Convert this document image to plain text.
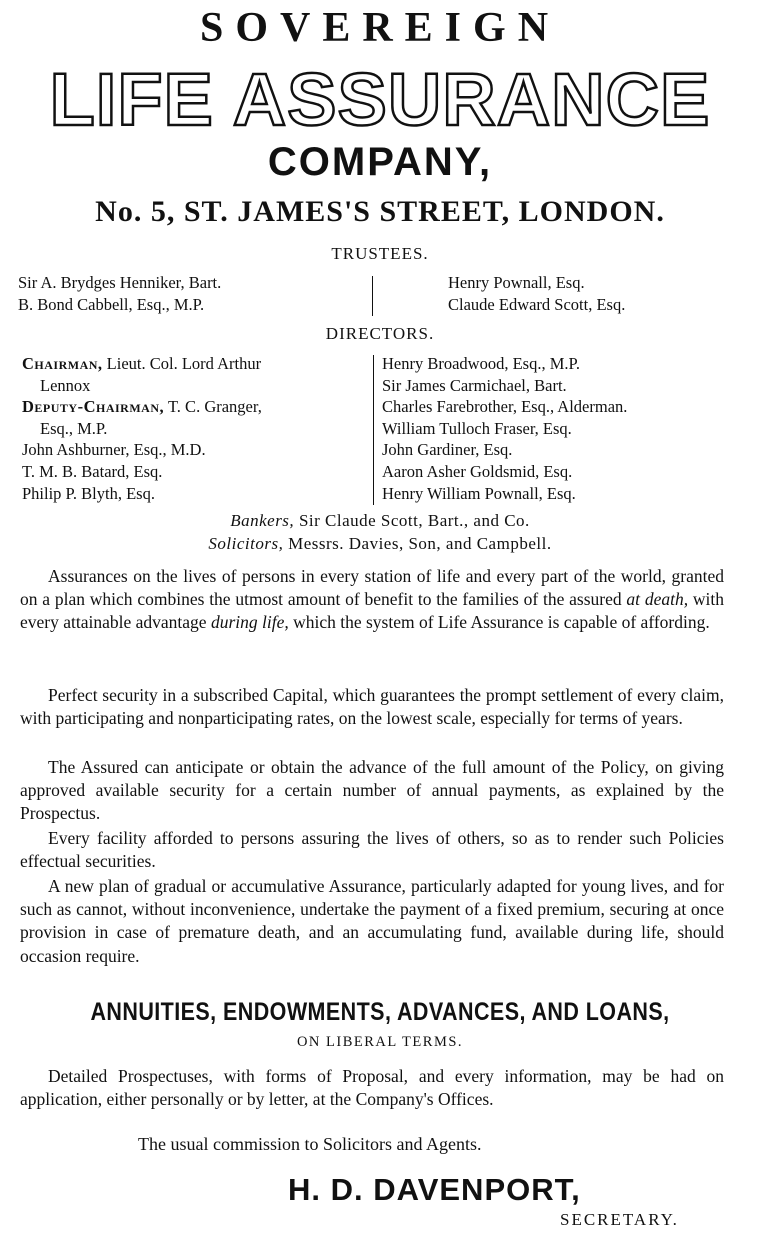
SOVEREIGN
LIFE ASSURANCE
COMPANY,
No. 5, ST. JAMES'S STREET, LONDON.
TRUSTEES.
Sir A. Brydges Henniker, Bart.
B. Bond Cabbell, Esq., M.P.
Henry Pownall, Esq.
Claude Edward Scott, Esq.
DIRECTORS.
Chairman, Lieut. Col. Lord Arthur
Lennox
Deputy-Chairman, T. C. Granger,
Esq., M.P.
John Ashburner, Esq., M.D.
T. M. B. Batard, Esq.
Philip P. Blyth, Esq.
Henry Broadwood, Esq., M.P.
Sir James Carmichael, Bart.
Charles Farebrother, Esq., Alderman.
William Tulloch Fraser, Esq.
John Gardiner, Esq.
Aaron Asher Goldsmid, Esq.
Henry William Pownall, Esq.
Bankers, Sir Claude Scott, Bart., and Co.
Solicitors, Messrs. Davies, Son, and Campbell.
Assurances on the lives of persons in every station of life and every part of the world, granted on a plan which combines the utmost amount of benefit to the families of the assured at death, with every attainable advantage during life, which the system of Life Assurance is capable of affording.
Perfect security in a subscribed Capital, which guarantees the prompt settlement of every claim, with participating and nonparticipating rates, on the lowest scale, especially for terms of years.
The Assured can anticipate or obtain the advance of the full amount of the Policy, on giving approved available security for a certain number of annual payments, as explained by the Prospectus.
Every facility afforded to persons assuring the lives of others, so as to render such Policies effectual securities.
A new plan of gradual or accumulative Assurance, particularly adapted for young lives, and for such as cannot, without inconvenience, undertake the payment of a fixed premium, securing at once provision in case of premature death, and an accumulating fund, available during life, should occasion require.
ANNUITIES, ENDOWMENTS, ADVANCES, AND LOANS,
ON LIBERAL TERMS.
Detailed Prospectuses, with forms of Proposal, and every information, may be had on application, either personally or by letter, at the Company's Offices.
The usual commission to Solicitors and Agents.
H. D. DAVENPORT,
SECRETARY.
